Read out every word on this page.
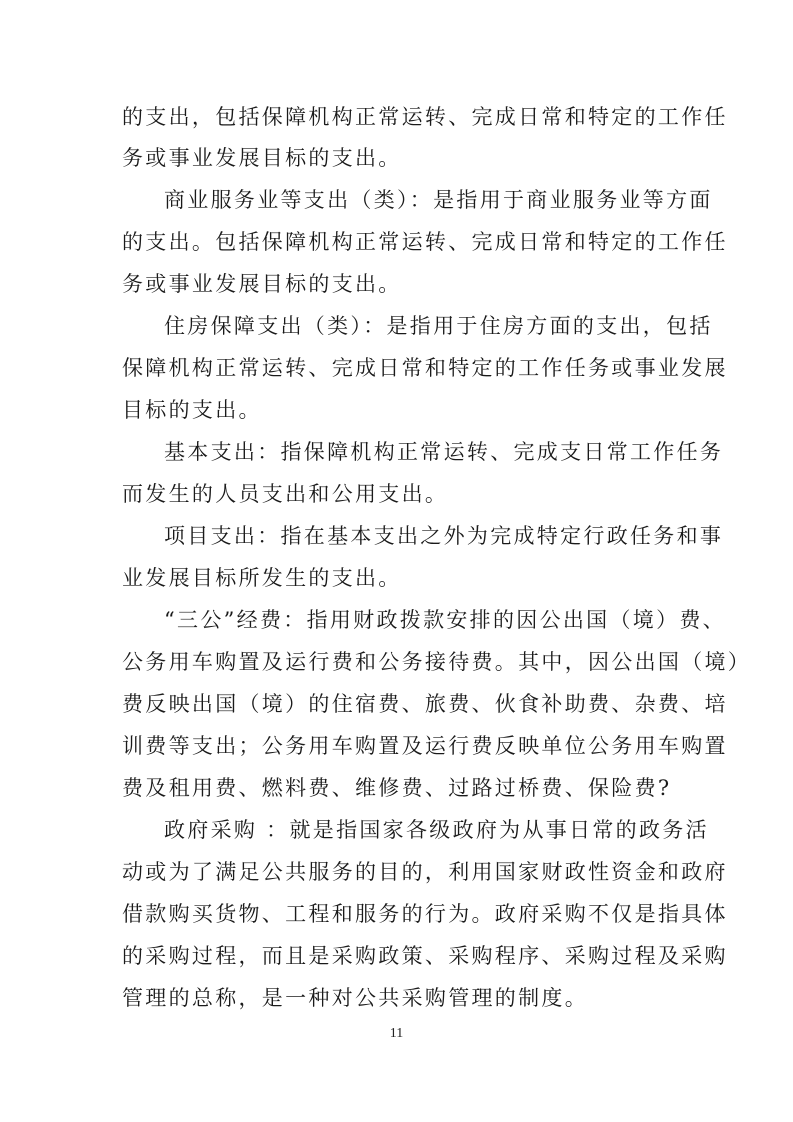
的支出，包括保障机构正常运转、完成日常和特定的工作任
务或事业发展目标的支出。
商业服务业等支出（类）：是指用于商业服务业等方面
的支出。包括保障机构正常运转、完成日常和特定的工作任
务或事业发展目标的支出。
住房保障支出（类）：是指用于住房方面的支出，包括
保障机构正常运转、完成日常和特定的工作任务或事业发展
目标的支出。
基本支出：指保障机构正常运转、完成支日常工作任务
而发生的人员支出和公用支出。
项目支出：指在基本支出之外为完成特定行政任务和事
业发展目标所发生的支出。
“三公”经费：指用财政拨款安排的因公出国（境）费、
公务用车购置及运行费和公务接待费。其中，因公出国（境）
费反映出国（境）的住宿费、旅费、伙食补助费、杂费、培
训费等支出；公务用车购置及运行费反映单位公务用车购置
费及租用费、燃料费、维修费、过路过桥费、保险费?
政府采购 ：就是指国家各级政府为从事日常的政务活
动或为了满足公共服务的目的，利用国家财政性资金和政府
借款购买货物、工程和服务的行为。政府采购不仅是指具体
的采购过程，而且是采购政策、采购程序、采购过程及采购
管理的总称，是一种对公共采购管理的制度。
11
